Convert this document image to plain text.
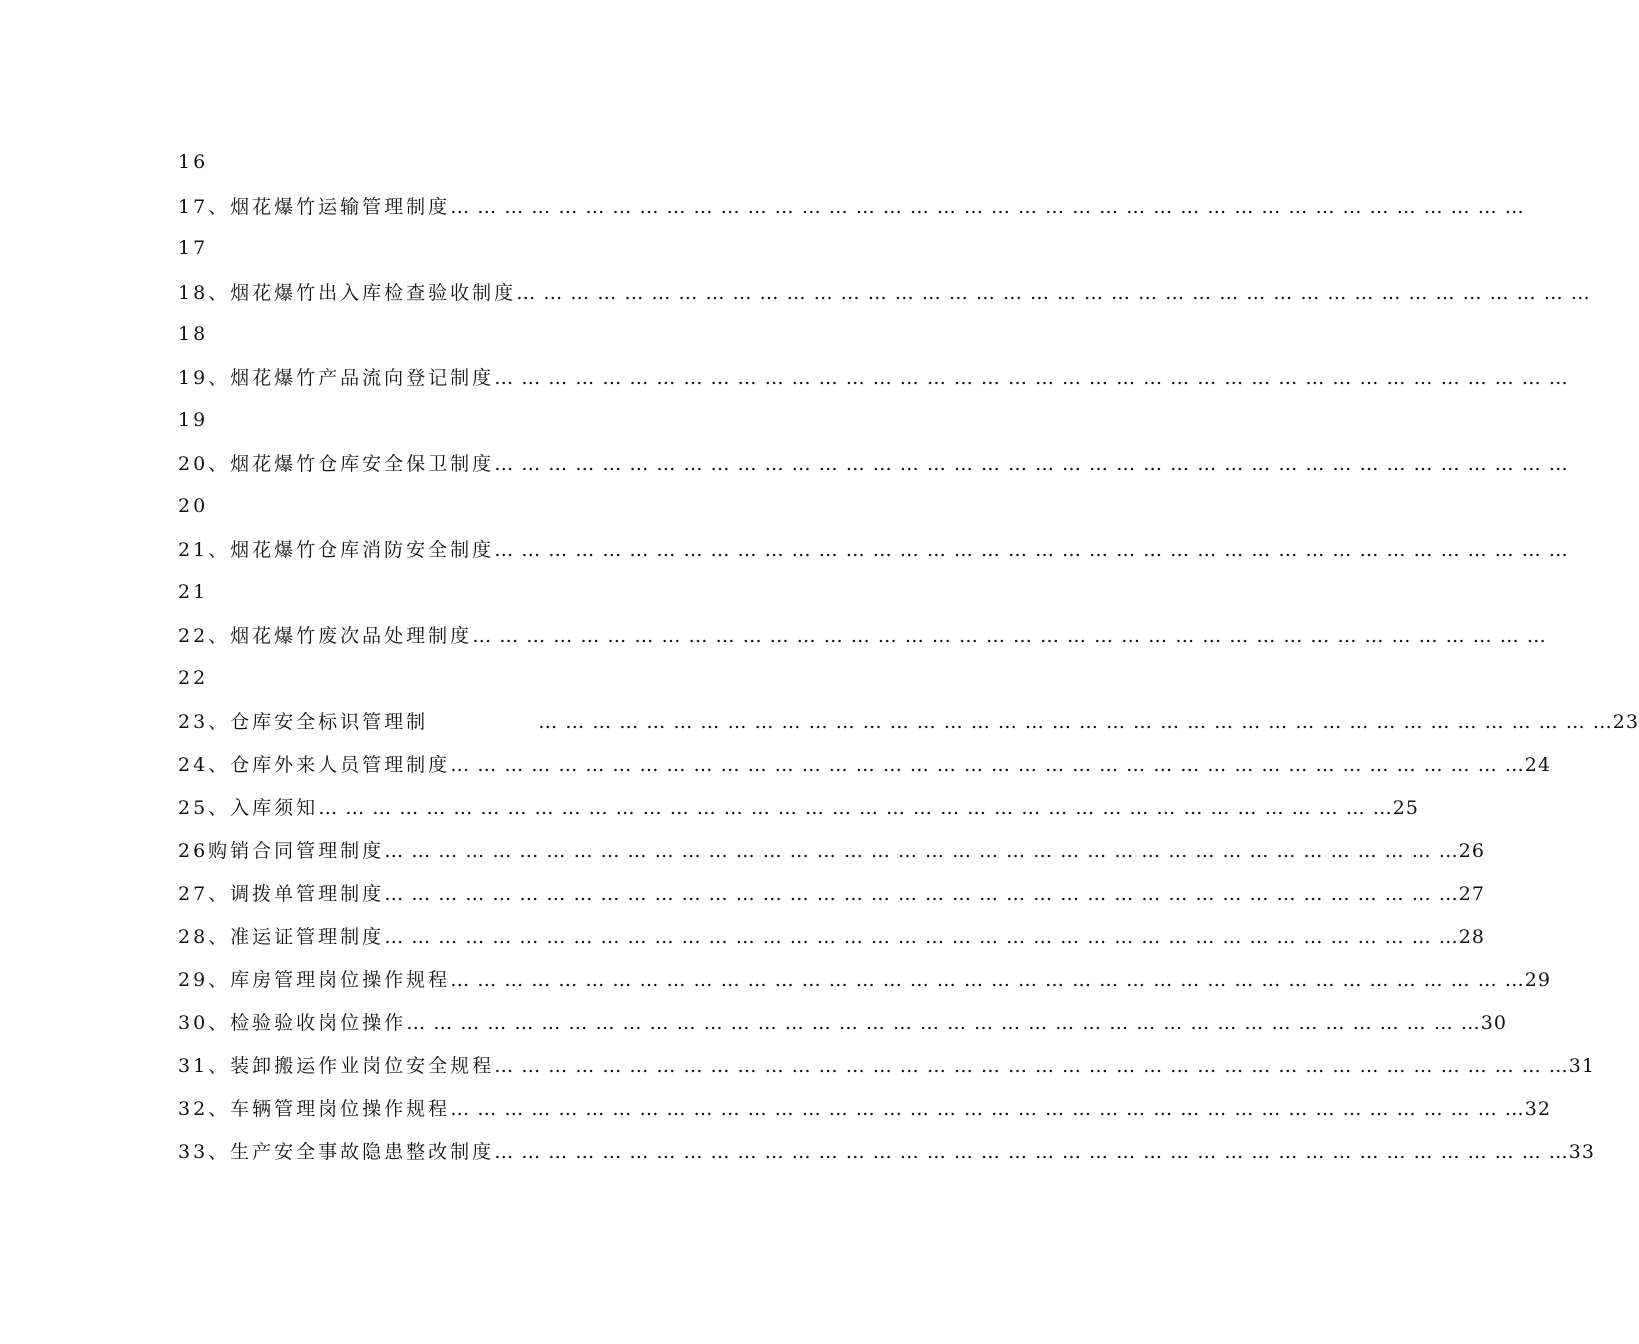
16
17、烟花爆竹运输管理制度 … … … … … … … … … … … … … … … … … … … … … … … … … … … … … … … … … … … … … … … …
17
18、烟花爆竹出入库检查验收制度 … … … … … … … … … … … … … … … … … … … … … … … … … … … … … … … … … … … … … … … …
18
19、烟花爆竹产品流向登记制度 … … … … … … … … … … … … … … … … … … … … … … … … … … … … … … … … … … … … … … … …
19
20、烟花爆竹仓库安全保卫制度 … … … … … … … … … … … … … … … … … … … … … … … … … … … … … … … … … … … … … … … …
20
21、烟花爆竹仓库消防安全制度 … … … … … … … … … … … … … … … … … … … … … … … … … … … … … … … … … … … … … … … …
21
22、烟花爆竹废次品处理制度 … … … … … … … … … … … … … … … … … … … … … … … … … … … … … … … … … … … … … … … …
22
23、仓库安全标识管理制	… … … … … … … … … … … … … … … … … … … … … … … … … … … … … … … … … … … … … … … … 23
24、仓库外来人员管理制度 … … … … … … … … … … … … … … … … … … … … … … … … … … … … … … … … … … … … … … … … 24
25、入库须知 … … … … … … … … … … … … … … … … … … … … … … … … … … … … … … … … … … … … … … … … 25
26购销合同管理制度 … … … … … … … … … … … … … … … … … … … … … … … … … … … … … … … … … … … … … … … … 26
27、调拨单管理制度 … … … … … … … … … … … … … … … … … … … … … … … … … … … … … … … … … … … … … … … … 27
28、准运证管理制度 … … … … … … … … … … … … … … … … … … … … … … … … … … … … … … … … … … … … … … … … 28
29、库房管理岗位操作规程 … … … … … … … … … … … … … … … … … … … … … … … … … … … … … … … … … … … … … … … … 29
30、检验验收岗位操作 … … … … … … … … … … … … … … … … … … … … … … … … … … … … … … … … … … … … … … … … 30
31、装卸搬运作业岗位安全规程 … … … … … … … … … … … … … … … … … … … … … … … … … … … … … … … … … … … … … … … … 31
32、车辆管理岗位操作规程 … … … … … … … … … … … … … … … … … … … … … … … … … … … … … … … … … … … … … … … … 32
33、生产安全事故隐患整改制度 … … … … … … … … … … … … … … … … … … … … … … … … … … … … … … … … … … … … … … … … 33
